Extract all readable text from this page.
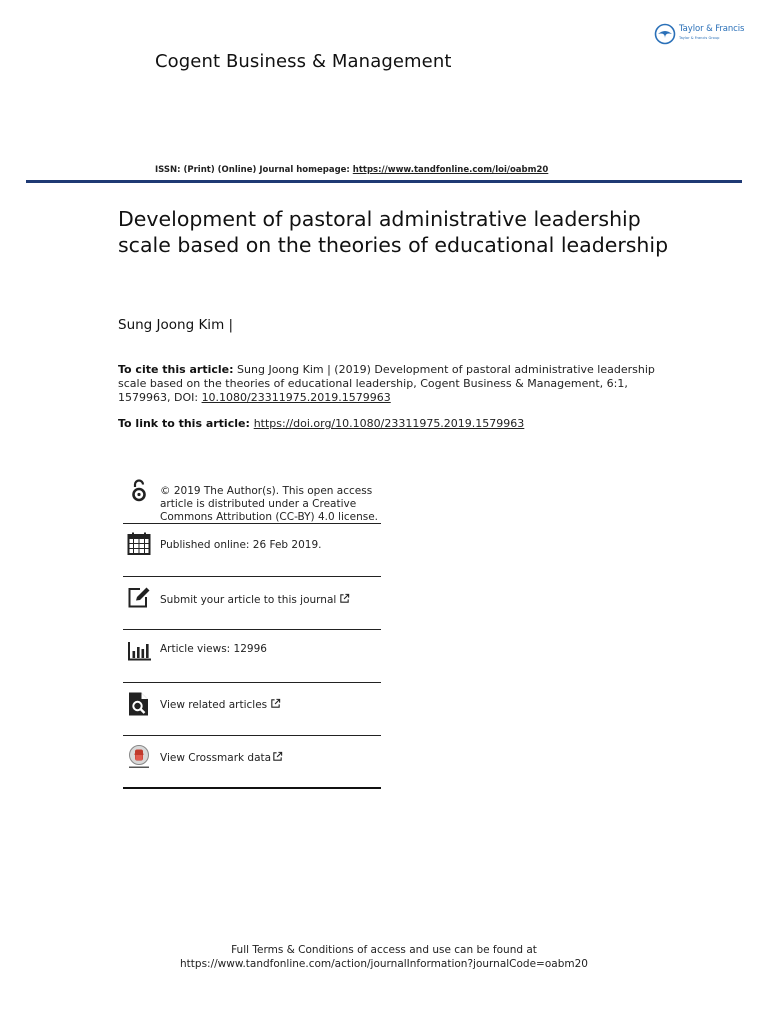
Taylor & Francis
Taylor & Francis Group
Cogent Business & Management
ISSN: (Print) (Online) Journal homepage: https://www.tandfonline.com/loi/oabm20
Development of pastoral administrative leadership scale based on the theories of educational leadership
Sung Joong Kim |
To cite this article: Sung Joong Kim | (2019) Development of pastoral administrative leadership scale based on the theories of educational leadership, Cogent Business & Management, 6:1, 1579963, DOI: 10.1080/23311975.2019.1579963
To link to this article: https://doi.org/10.1080/23311975.2019.1579963
© 2019 The Author(s). This open access article is distributed under a Creative Commons Attribution (CC-BY) 4.0 license.
Published online: 26 Feb 2019.
Submit your article to this journal
Article views: 12996
View related articles
View Crossmark data
Full Terms & Conditions of access and use can be found at
https://www.tandfonline.com/action/journalInformation?journalCode=oabm20
